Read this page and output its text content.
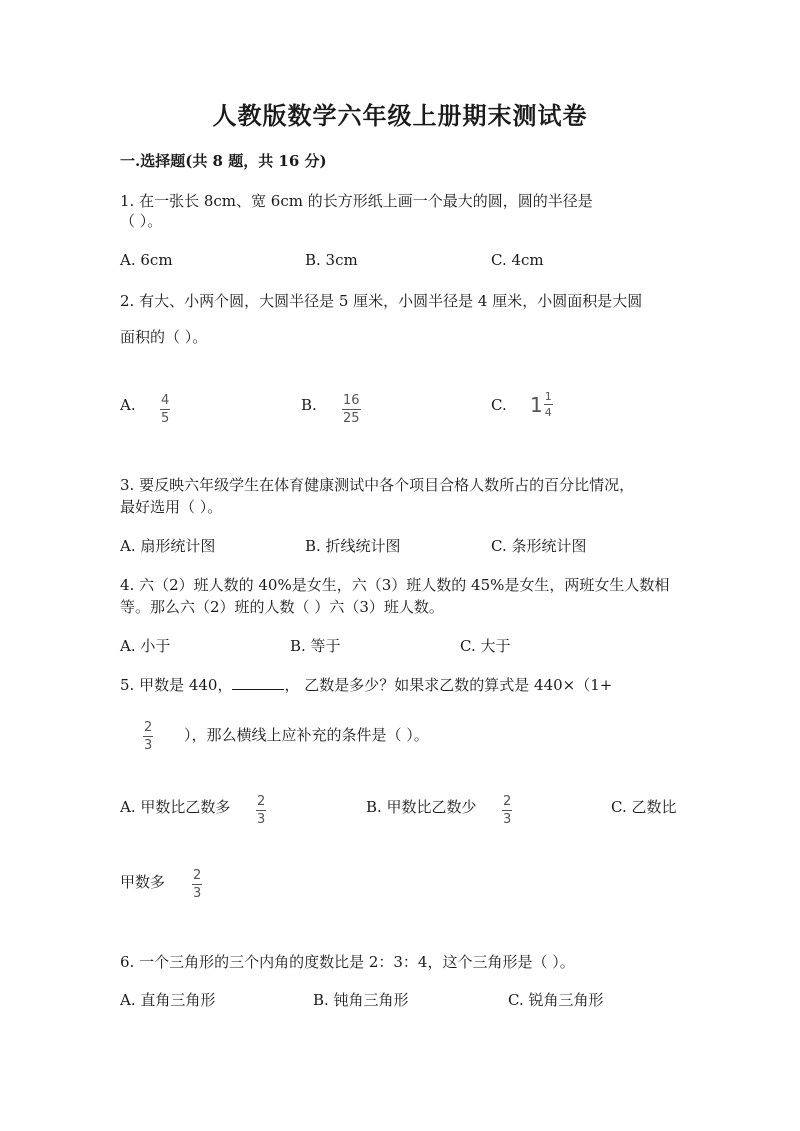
人教版数学六年级上册期末测试卷
一.选择题(共 8 题，共 16 分)
1. 在一张长 8cm、宽 6cm 的长方形纸上画一个最大的圆，圆的半径是
（ ）。
A. 6cm	B. 3cm	C. 4cm
2. 有大、小两个圆，大圆半径是 5 厘米，小圆半径是 4 厘米，小圆面积是大圆
面积的（ ）。
A. $\frac{4}{5}$	B. $\frac{16}{25}$	C. $1 \frac{1}{4}$
3. 要反映六年级学生在体育健康测试中各个项目合格人数所占的百分比情况，
最好选用（ ）。
A. 扇形统计图	B. 折线统计图	C. 条形统计图
4. 六（2）班人数的 40%是女生，六（3）班人数的 45%是女生，两班女生人数相
等。那么六（2）班的人数（ ）六（3）班人数。
A. 小于	B. 等于	C. 大于
5. 甲数是 440，	， 乙数是多少？如果求乙数的算式是 440×（1+
$\frac{2}{3}$ ），那么横线上应补充的条件是（ ）。
A. 甲数比乙数多 $\frac{2}{3}$	B. 甲数比乙数少 $\frac{2}{3}$	C. 乙数比
甲数多 $\frac{2}{3}$
6. 一个三角形的三个内角的度数比是 2：3：4，这个三角形是（ ）。
A. 直角三角形	B. 钝角三角形	C. 锐角三角形
